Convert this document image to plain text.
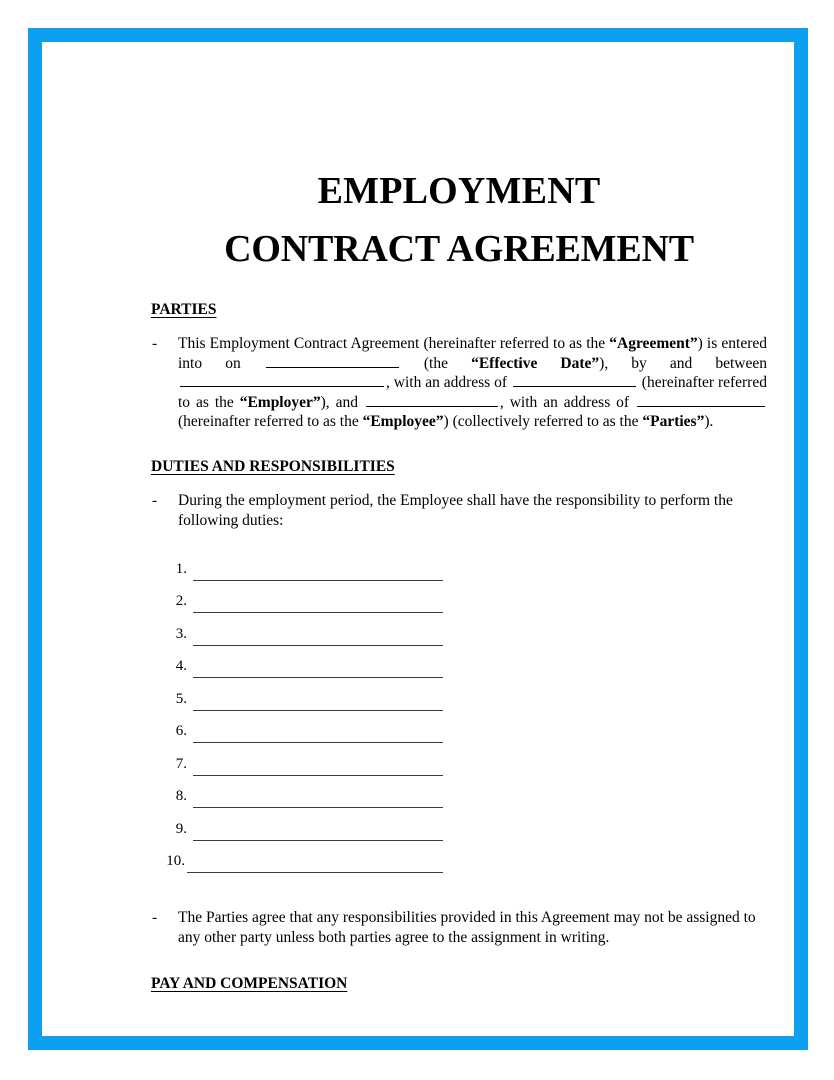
EMPLOYMENT
CONTRACT AGREEMENT
PARTIES
-	This Employment Contract Agreement (hereinafter referred to as the “Agreement”) is entered into on	(the “Effective Date”), by and between , with an address of	(hereinafter referred to as the “Employer”), and	, with an address of  (hereinafter referred to as the “Employee”) (collectively referred to as the “Parties”).
DUTIES AND RESPONSIBILITIES
-	During the employment period, the Employee shall have the responsibility to perform the following duties:
1.
2.
3.
4.
5.
6.
7.
8.
9.
10.
-	The Parties agree that any responsibilities provided in this Agreement may not be assigned to any other party unless both parties agree to the assignment in writing.
PAY AND COMPENSATION
